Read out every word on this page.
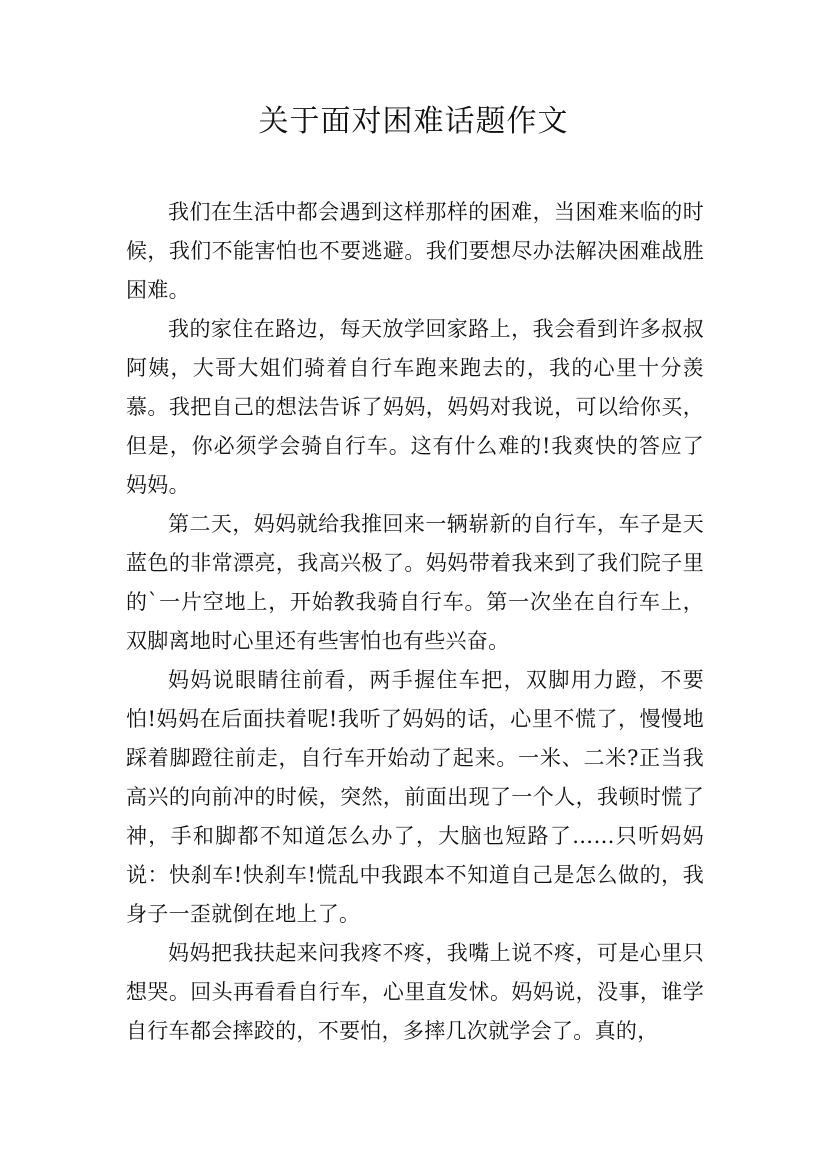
关于面对困难话题作文

我们在生活中都会遇到这样那样的困难，当困难来临的时候，我们不能害怕也不要逃避。我们要想尽办法解决困难战胜困难。

我的家住在路边，每天放学回家路上，我会看到许多叔叔阿姨，大哥大姐们骑着自行车跑来跑去的，我的心里十分羡慕。我把自己的想法告诉了妈妈，妈妈对我说，可以给你买，但是，你必须学会骑自行车。这有什么难的!我爽快的答应了妈妈。

第二天，妈妈就给我推回来一辆崭新的自行车，车子是天蓝色的非常漂亮，我高兴极了。妈妈带着我来到了我们院子里的`一片空地上，开始教我骑自行车。第一次坐在自行车上，双脚离地时心里还有些害怕也有些兴奋。

妈妈说眼睛往前看，两手握住车把，双脚用力蹬，不要怕!妈妈在后面扶着呢!我听了妈妈的话，心里不慌了，慢慢地踩着脚蹬往前走，自行车开始动了起来。一米、二米?正当我高兴的向前冲的时候，突然，前面出现了一个人，我顿时慌了神，手和脚都不知道怎么办了，大脑也短路了……只听妈妈说：快刹车!快刹车!慌乱中我跟本不知道自己是怎么做的，我身子一歪就倒在地上了。

妈妈把我扶起来问我疼不疼，我嘴上说不疼，可是心里只想哭。回头再看看自行车，心里直发怵。妈妈说，没事，谁学自行车都会摔跤的，不要怕，多摔几次就学会了。真的，
